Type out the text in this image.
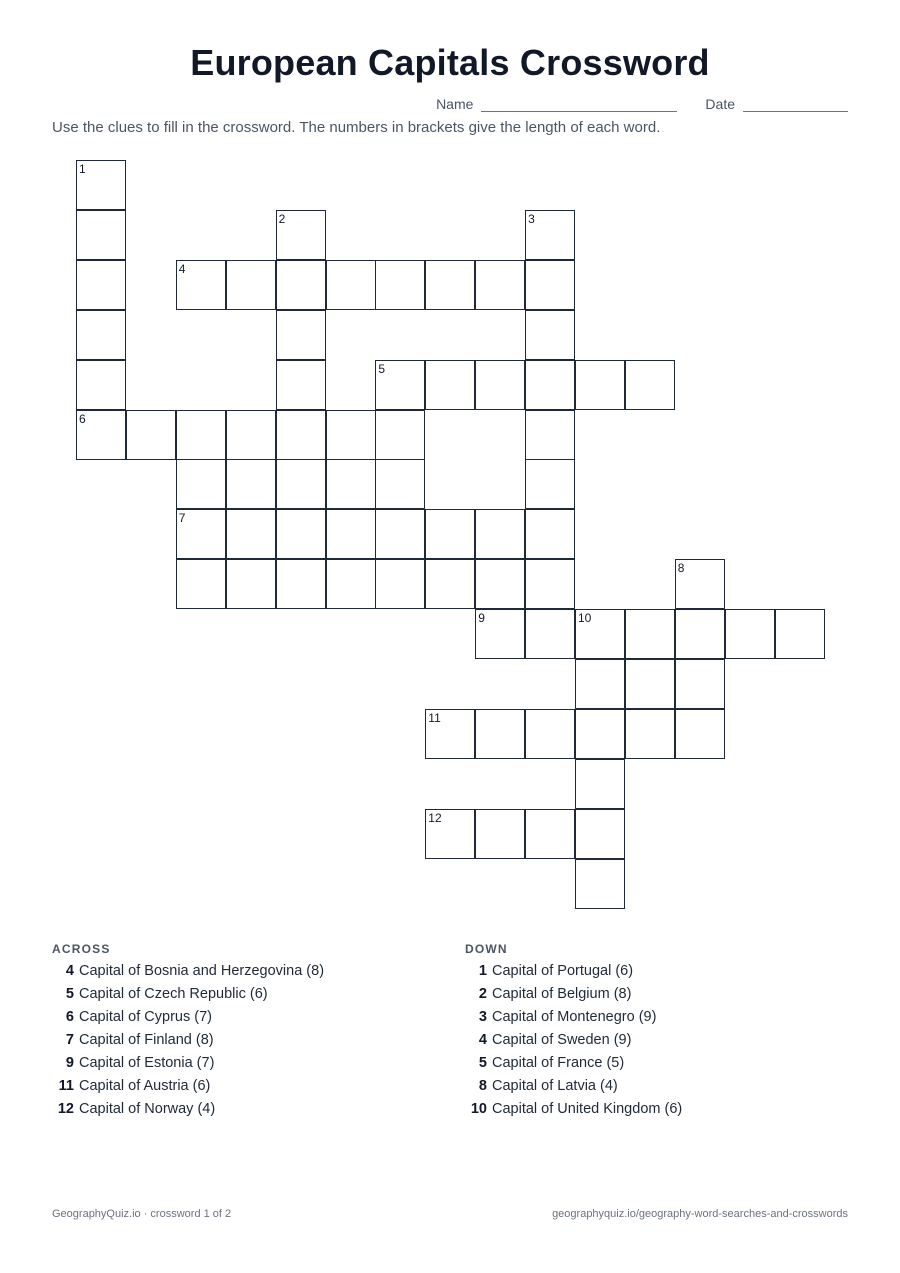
European Capitals Crossword
Name	Date
Use the clues to fill in the crossword. The numbers in brackets give the length of each word.
1
6
2	3
4
5
7
8
9	10
11
12
ACROSS
4 Capital of Bosnia and Herzegovina (8)
5 Capital of Czech Republic (6)
6 Capital of Cyprus (7)
7 Capital of Finland (8)
9 Capital of Estonia (7)
11 Capital of Austria (6)
12 Capital of Norway (4)
DOWN
1 Capital of Portugal (6)
2 Capital of Belgium (8)
3 Capital of Montenegro (9)
4 Capital of Sweden (9)
5 Capital of France (5)
8 Capital of Latvia (4)
10 Capital of United Kingdom (6)
GeographyQuiz.io · crossword 1 of 2	geographyquiz.io/geography-word-searches-and-crosswords
